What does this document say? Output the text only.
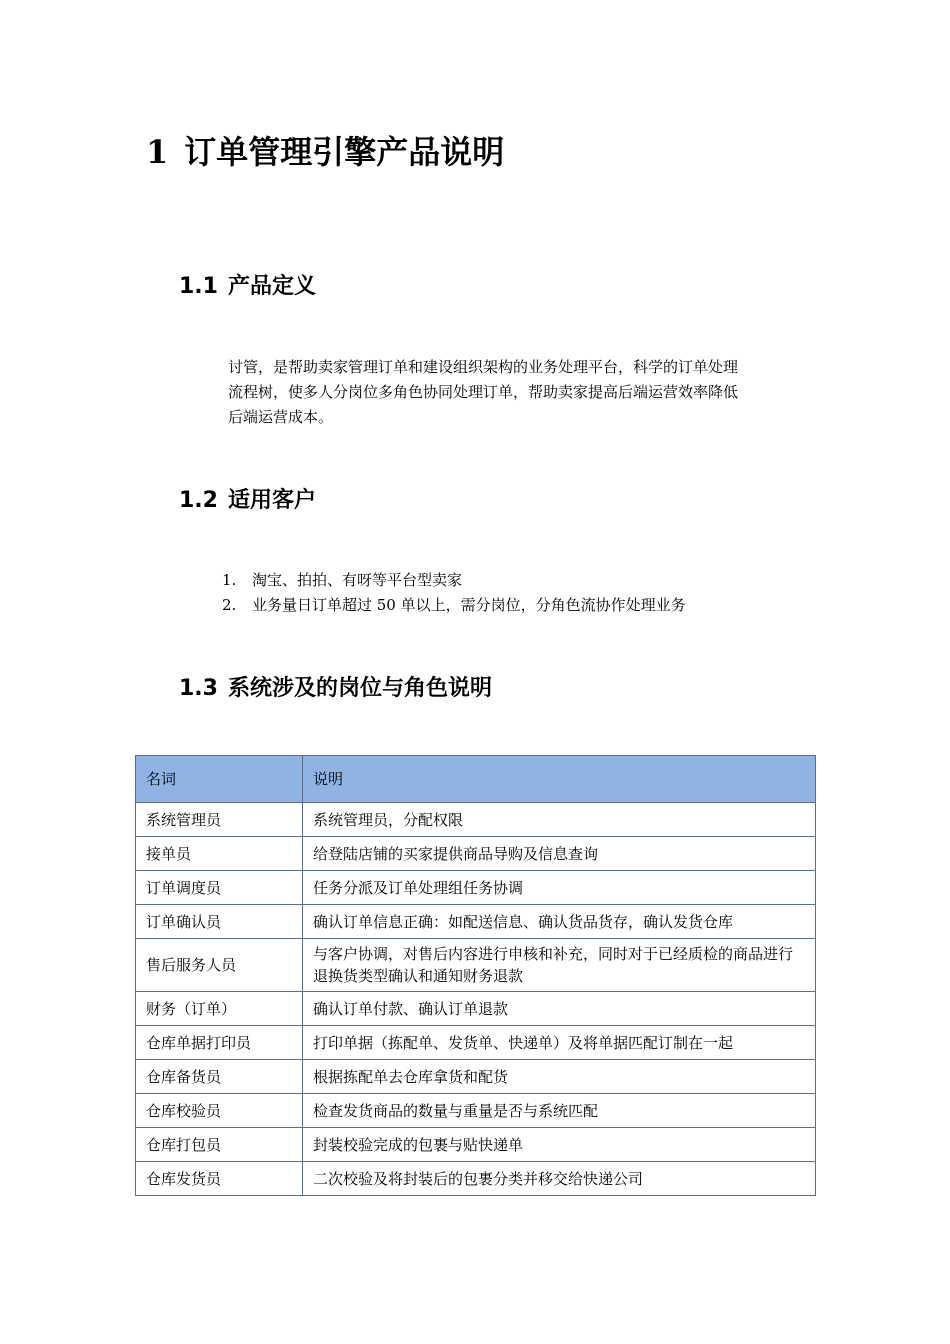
1 订单管理引擎产品说明
1.1 产品定义

讨管，是帮助卖家管理订单和建设组织架构的业务处理平台，科学的订单处理

流程树，使多人分岗位多角色协同处理订单，帮助卖家提高后端运营效率降低

后端运营成本。

1.2 适用客户
1.	淘宝、拍拍、有呀等平台型卖家
2.	业务量日订单超过 50 单以上，需分岗位，分角色流协作处理业务
1.3 系统涉及的岗位与角色说明
名词	说明
系统管理员	系统管理员，分配权限
接单员	给登陆店铺的买家提供商品导购及信息查询
订单调度员	任务分派及订单处理组任务协调
订单确认员	确认订单信息正确：如配送信息、确认货品货存，确认发货仓库
售后服务人员	与客户协调，对售后内容进行申核和补充，同时对于已经质检的商品进行退换货类型确认和通知财务退款
财务（订单）	确认订单付款、确认订单退款
仓库单据打印员	打印单据（拣配单、发货单、快递单）及将单据匹配订制在一起
仓库备货员	根据拣配单去仓库拿货和配货
仓库校验员	检查发货商品的数量与重量是否与系统匹配
仓库打包员	封装校验完成的包裹与贴快递单
仓库发货员	二次校验及将封装后的包裹分类并移交给快递公司
